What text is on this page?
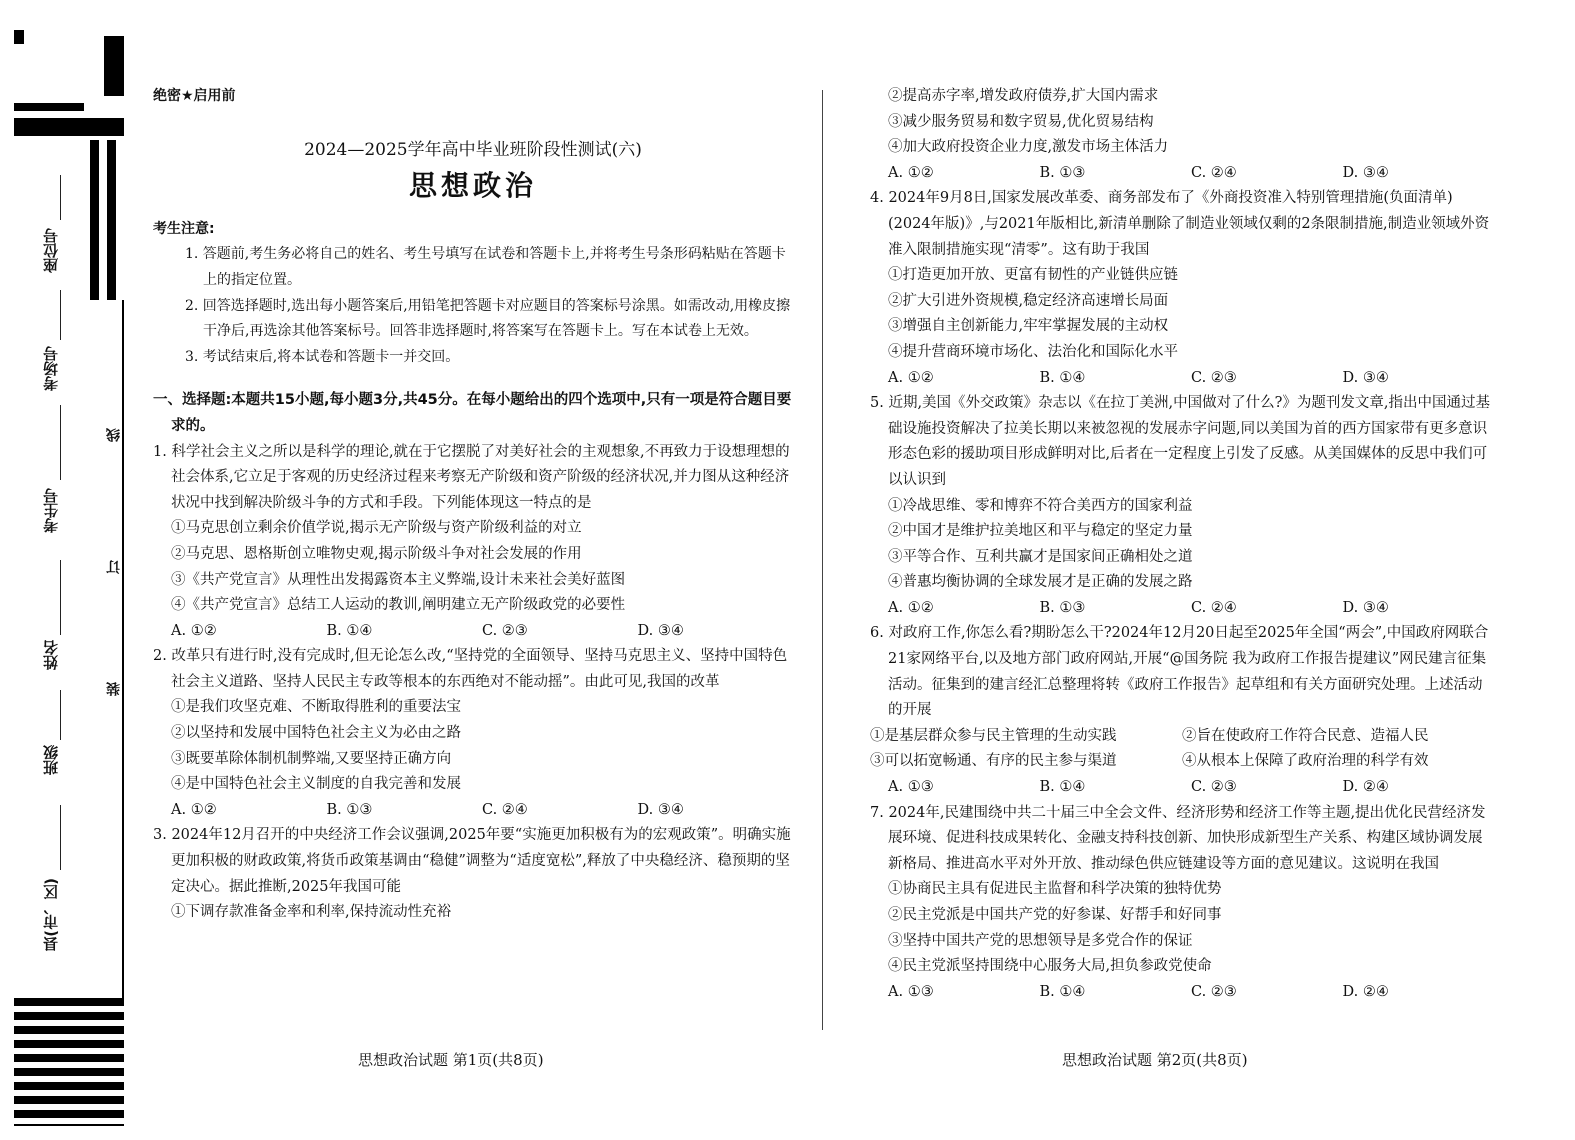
座位号
考场号
考生号
姓名
班级
县(市、区)
线
订
装
绝密★启用前
2024—2025学年高中毕业班阶段性测试(六)
思想政治
考生注意:
1. 答题前,考生务必将自己的姓名、考生号填写在试卷和答题卡上,并将考生号条形码粘贴在答题卡上的指定位置。
2. 回答选择题时,选出每小题答案后,用铅笔把答题卡对应题目的答案标号涂黑。如需改动,用橡皮擦干净后,再选涂其他答案标号。回答非选择题时,将答案写在答题卡上。写在本试卷上无效。
3. 考试结束后,将本试卷和答题卡一并交回。
一、选择题:本题共15小题,每小题3分,共45分。在每小题给出的四个选项中,只有一项是符合题目要求的。
1. 科学社会主义之所以是科学的理论,就在于它摆脱了对美好社会的主观想象,不再致力于设想理想的社会体系,它立足于客观的历史经济过程来考察无产阶级和资产阶级的经济状况,并力图从这种经济状况中找到解决阶级斗争的方式和手段。下列能体现这一特点的是
①马克思创立剩余价值学说,揭示无产阶级与资产阶级利益的对立
②马克思、恩格斯创立唯物史观,揭示阶级斗争对社会发展的作用
③《共产党宣言》从理性出发揭露资本主义弊端,设计未来社会美好蓝图
④《共产党宣言》总结工人运动的教训,阐明建立无产阶级政党的必要性
A. ①②	B. ①④	C. ②③	D. ③④
2. 改革只有进行时,没有完成时,但无论怎么改,“坚持党的全面领导、坚持马克思主义、坚持中国特色社会主义道路、坚持人民民主专政等根本的东西绝对不能动摇”。由此可见,我国的改革
①是我们攻坚克难、不断取得胜利的重要法宝
②以坚持和发展中国特色社会主义为必由之路
③既要革除体制机制弊端,又要坚持正确方向
④是中国特色社会主义制度的自我完善和发展
A. ①②	B. ①③	C. ②④	D. ③④
3. 2024年12月召开的中央经济工作会议强调,2025年要“实施更加积极有为的宏观政策”。明确实施更加积极的财政政策,将货币政策基调由“稳健”调整为“适度宽松”,释放了中央稳经济、稳预期的坚定决心。据此推断,2025年我国可能
①下调存款准备金率和利率,保持流动性充裕
②提高赤字率,增发政府债券,扩大国内需求
③减少服务贸易和数字贸易,优化贸易结构
④加大政府投资企业力度,激发市场主体活力
A. ①②	B. ①③	C. ②④	D. ③④
4. 2024年9月8日,国家发展改革委、商务部发布了《外商投资准入特别管理措施(负面清单)(2024年版)》,与2021年版相比,新清单删除了制造业领域仅剩的2条限制措施,制造业领域外资准入限制措施实现“清零”。这有助于我国
①打造更加开放、更富有韧性的产业链供应链
②扩大引进外资规模,稳定经济高速增长局面
③增强自主创新能力,牢牢掌握发展的主动权
④提升营商环境市场化、法治化和国际化水平
A. ①②	B. ①④	C. ②③	D. ③④
5. 近期,美国《外交政策》杂志以《在拉丁美洲,中国做对了什么?》为题刊发文章,指出中国通过基础设施投资解决了拉美长期以来被忽视的发展赤字问题,同以美国为首的西方国家带有更多意识形态色彩的援助项目形成鲜明对比,后者在一定程度上引发了反感。从美国媒体的反思中我们可以认识到
①冷战思维、零和博弈不符合美西方的国家利益
②中国才是维护拉美地区和平与稳定的坚定力量
③平等合作、互利共赢才是国家间正确相处之道
④普惠均衡协调的全球发展才是正确的发展之路
A. ①②	B. ①③	C. ②④	D. ③④
6. 对政府工作,你怎么看?期盼怎么干?2024年12月20日起至2025年全国“两会”,中国政府网联合21家网络平台,以及地方部门政府网站,开展“@国务院 我为政府工作报告提建议”网民建言征集活动。征集到的建言经汇总整理将转《政府工作报告》起草组和有关方面研究处理。上述活动的开展
①是基层群众参与民主管理的生动实践	②旨在使政府工作符合民意、造福人民
③可以拓宽畅通、有序的民主参与渠道	④从根本上保障了政府治理的科学有效
A. ①③	B. ①④	C. ②③	D. ②④
7. 2024年,民建围绕中共二十届三中全会文件、经济形势和经济工作等主题,提出优化民营经济发展环境、促进科技成果转化、金融支持科技创新、加快形成新型生产关系、构建区域协调发展新格局、推进高水平对外开放、推动绿色供应链建设等方面的意见建议。这说明在我国
①协商民主具有促进民主监督和科学决策的独特优势
②民主党派是中国共产党的好参谋、好帮手和好同事
③坚持中国共产党的思想领导是多党合作的保证
④民主党派坚持围绕中心服务大局,担负参政党使命
A. ①③	B. ①④	C. ②③	D. ②④
思想政治试题 第1页(共8页)	思想政治试题 第2页(共8页)
